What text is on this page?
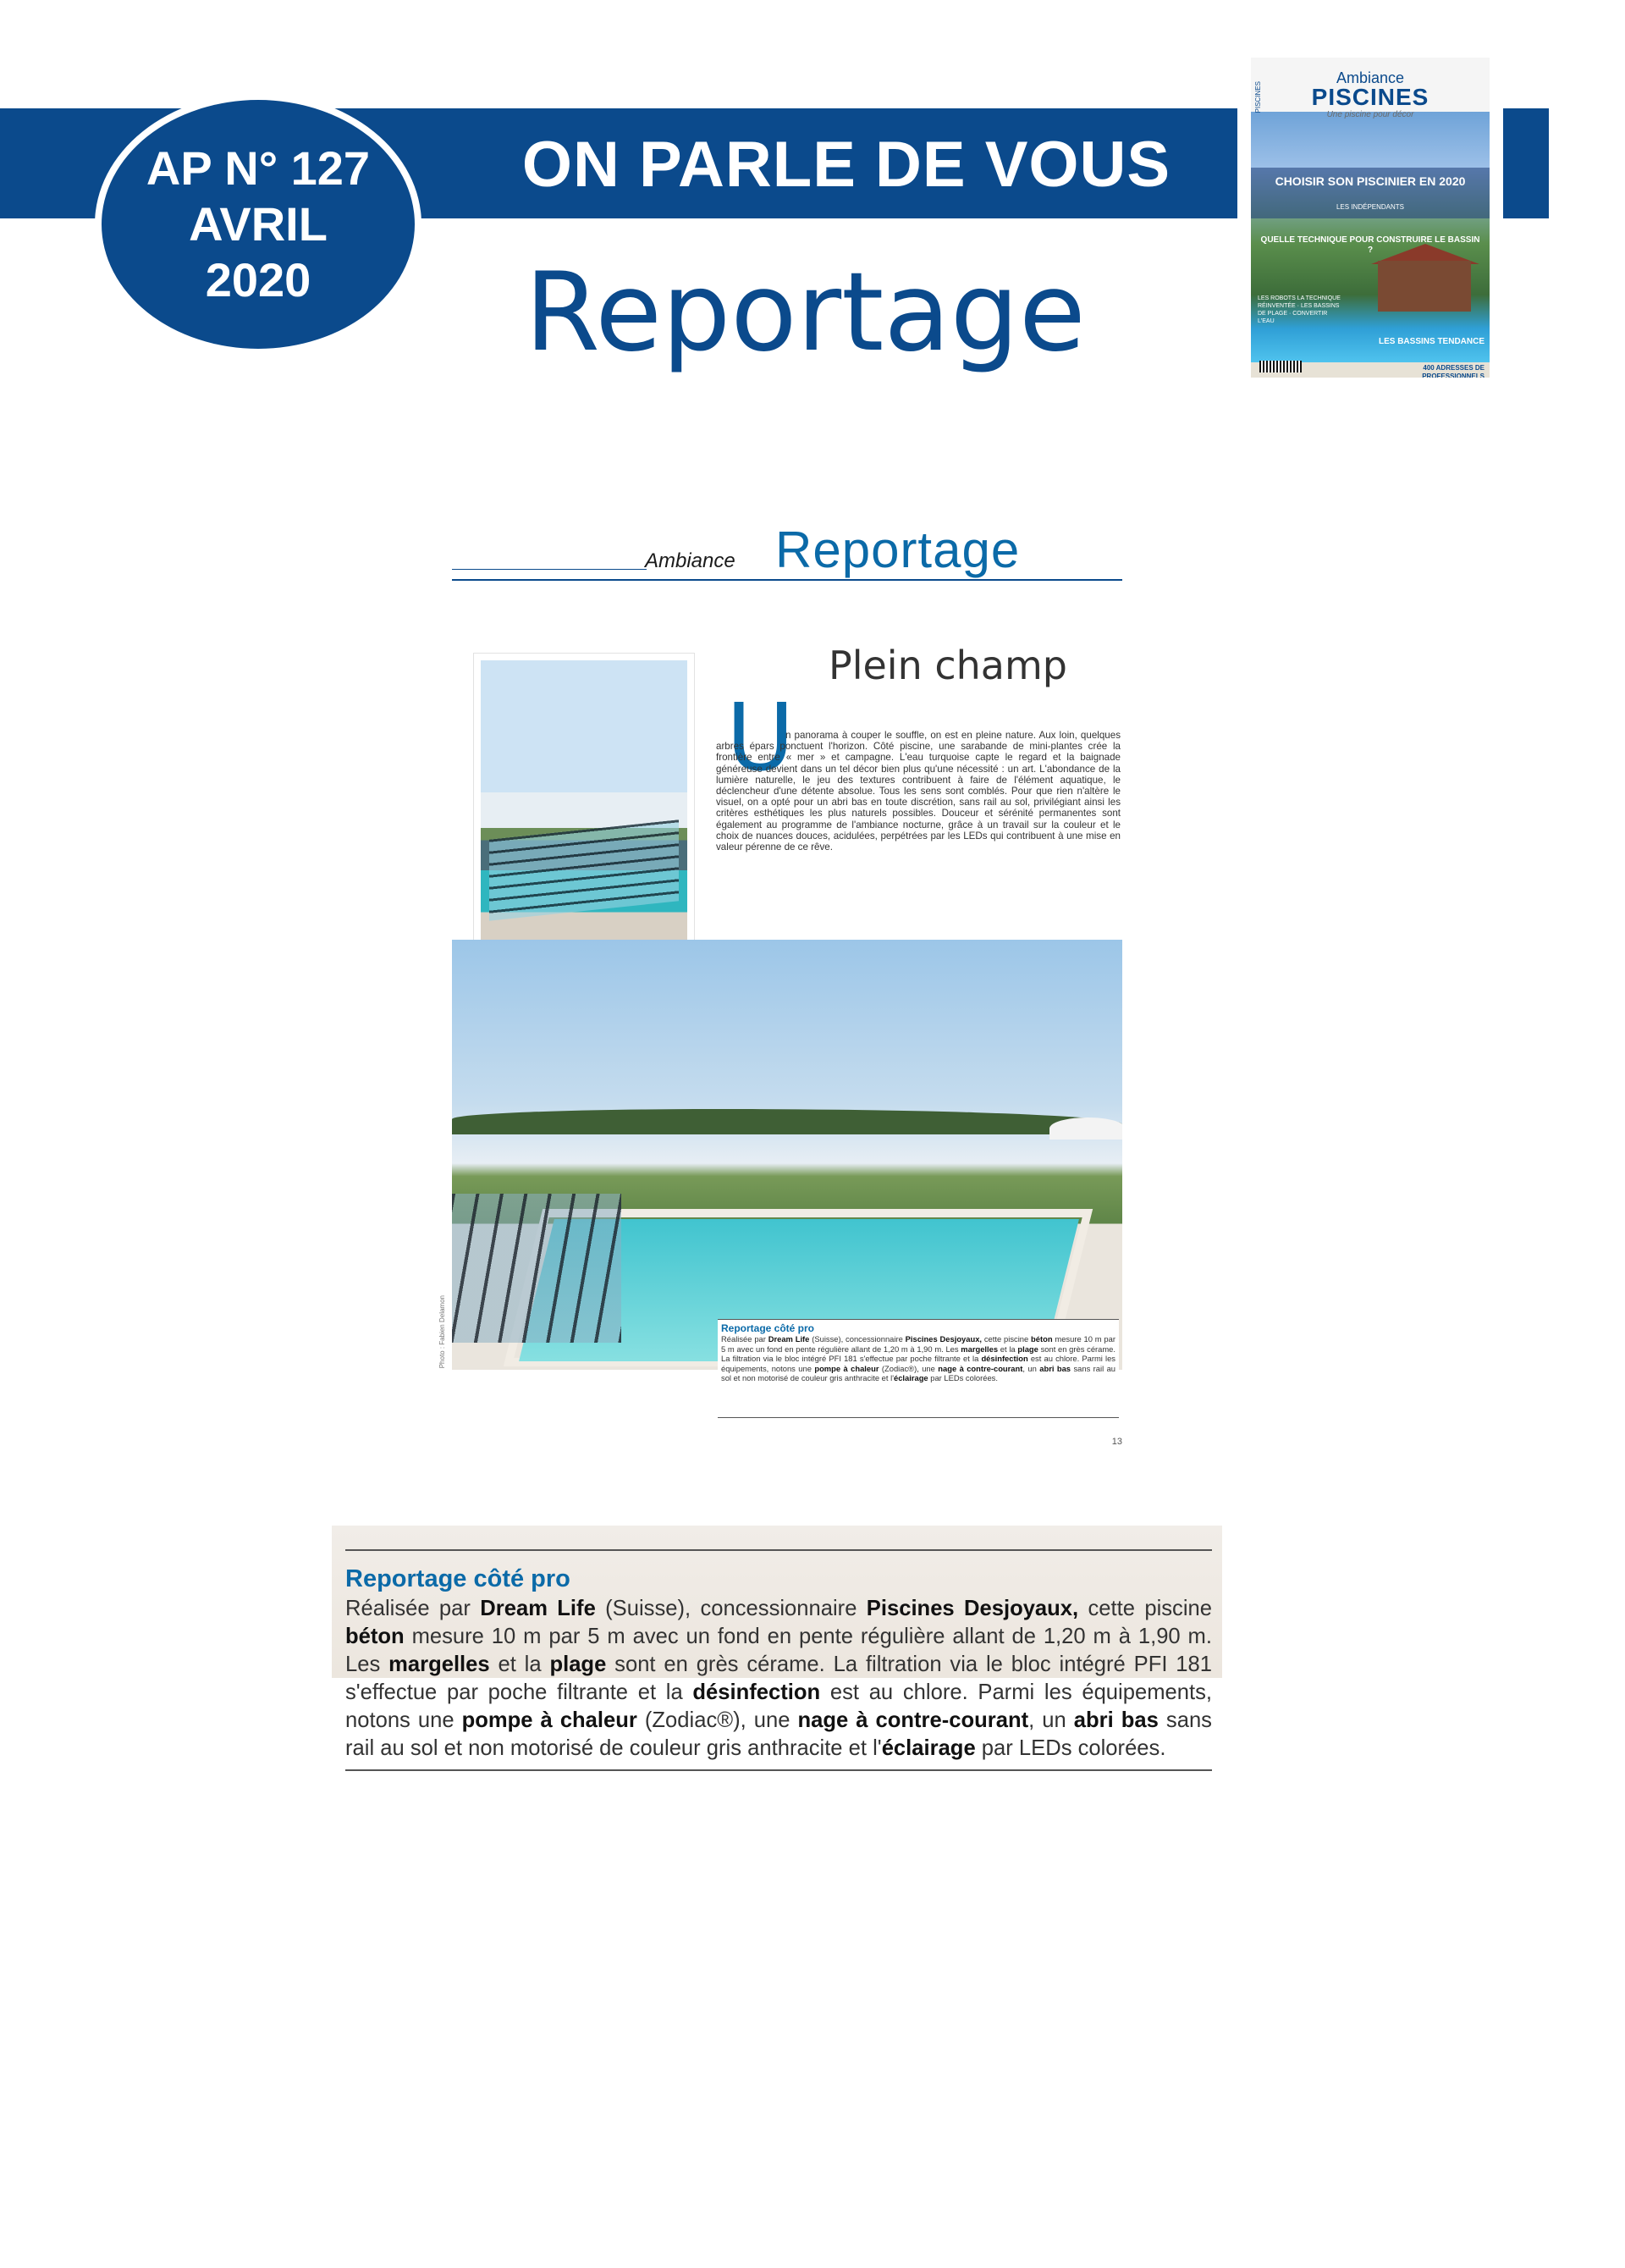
ON PARLE DE VOUS
AP N° 127
AVRIL
2020 Reportage
PISCINES
Ambiance
PISCINES
Une piscine pour décor
CHOISIR SON PISCINIER EN 2020
LES INDÉPENDANTS
QUELLE TECHNIQUE POUR CONSTRUIRE LE BASSIN ?
LES ROBOTS LA TECHNIQUE RÉINVENTÉE · LES BASSINS DE PLAGE · CONVERTIR L'EAU
LES BASSINS TENDANCE
400 ADRESSES DE PROFESSIONNELS
Ambiance Reportage
Plein champ
U

n panorama à couper le souffle, on est en pleine nature. Aux loin, quelques arbres épars ponctuent l'horizon. Côté piscine, une sarabande de mini-plantes crée la frontière entre « mer » et campagne. L'eau turquoise capte le regard et la baignade généreuse devient dans un tel décor bien plus qu'une nécessité : un art. L'abondance de la lumière naturelle, le jeu des textures contribuent à faire de l'élément aquatique, le déclencheur d'une détente absolue. Tous les sens sont comblés. Pour que rien n'altère le visuel, on a opté pour un abri bas en toute discrétion, sans rail au sol, privilégiant ainsi les critères esthétiques les plus naturels possibles. Douceur et sérénité permanentes sont également au programme de l'ambiance nocturne, grâce à un travail sur la couleur et le choix de nuances douces, acidulées, perpétrées par les LEDs qui contribuent à une mise en valeur pérenne de ce rêve.

Photo : Fabien Delamon	Reportage côté pro
Réalisée par Dream Life (Suisse), concessionnaire Piscines Desjoyaux, cette piscine béton mesure 10 m par 5 m avec un fond en pente régulière allant de 1,20 m à 1,90 m. Les margelles et la plage sont en grès cérame. La filtration via le bloc intégré PFI 181 s'effectue par poche filtrante et la désinfection est au chlore. Parmi les équipements, notons une pompe à chaleur (Zodiac®), une nage à contre-courant, un abri bas sans rail au sol et non motorisé de couleur gris anthracite et l'éclairage par LEDs colorées.
13
Reportage côté pro
Réalisée par Dream Life (Suisse), concessionnaire Piscines Desjoyaux, cette piscine béton mesure 10 m par 5 m avec un fond en pente régulière allant de 1,20 m à 1,90 m. Les margelles et la plage sont en grès cérame. La filtration via le bloc intégré PFI 181 s'effectue par poche filtrante et la désinfection est au chlore. Parmi les équipements, notons une pompe à chaleur (Zodiac®), une nage à contre-courant, un abri bas sans rail au sol et non motorisé de couleur gris anthracite et l'éclairage par LEDs colorées.
